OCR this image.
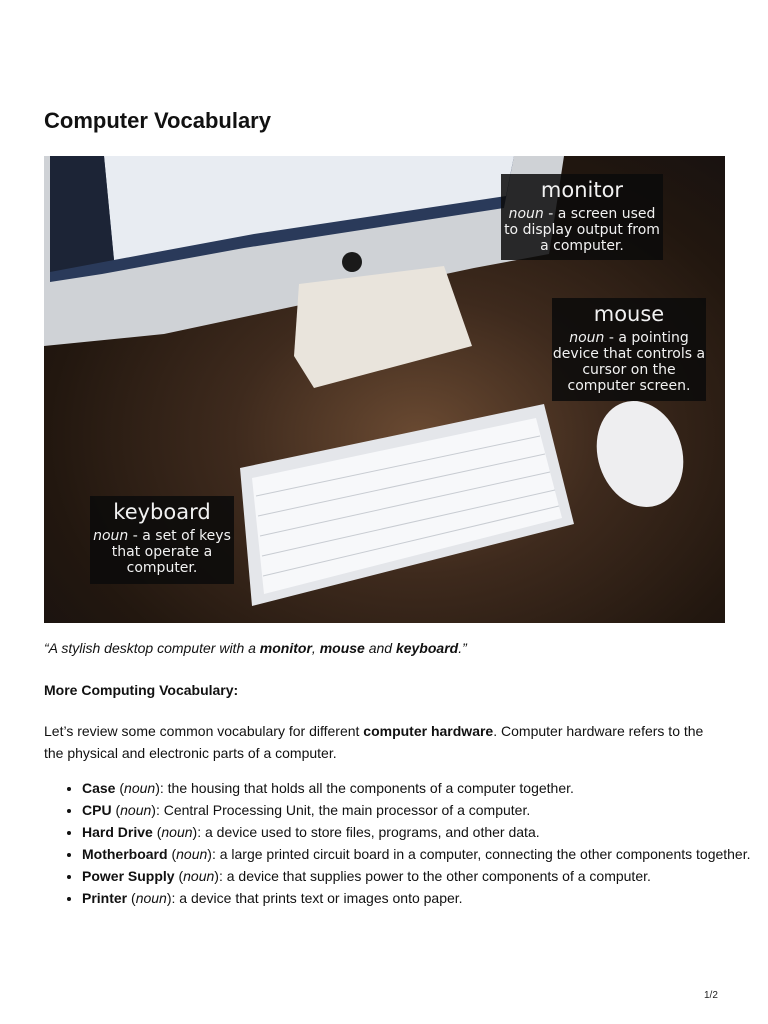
Computer Vocabulary
monitor
noun - a screen used to display output from a computer.
mouse
noun - a pointing device that controls a cursor on the computer screen.
keyboard
noun - a set of keys that operate a computer.

“A stylish desktop computer with a monitor, mouse and keyboard.”

More Computing Vocabulary:

Let’s review some common vocabulary for different computer hardware. Computer hardware refers to the the physical and electronic parts of a computer.

• Case (noun): the housing that holds all the components of a computer together.
• CPU (noun): Central Processing Unit, the main processor of a computer.
• Hard Drive (noun): a device used to store files, programs, and other data.
• Motherboard (noun): a large printed circuit board in a computer, connecting the other components together.
• Power Supply (noun): a device that supplies power to the other components of a computer.
• Printer (noun): a device that prints text or images onto paper.
1/2
